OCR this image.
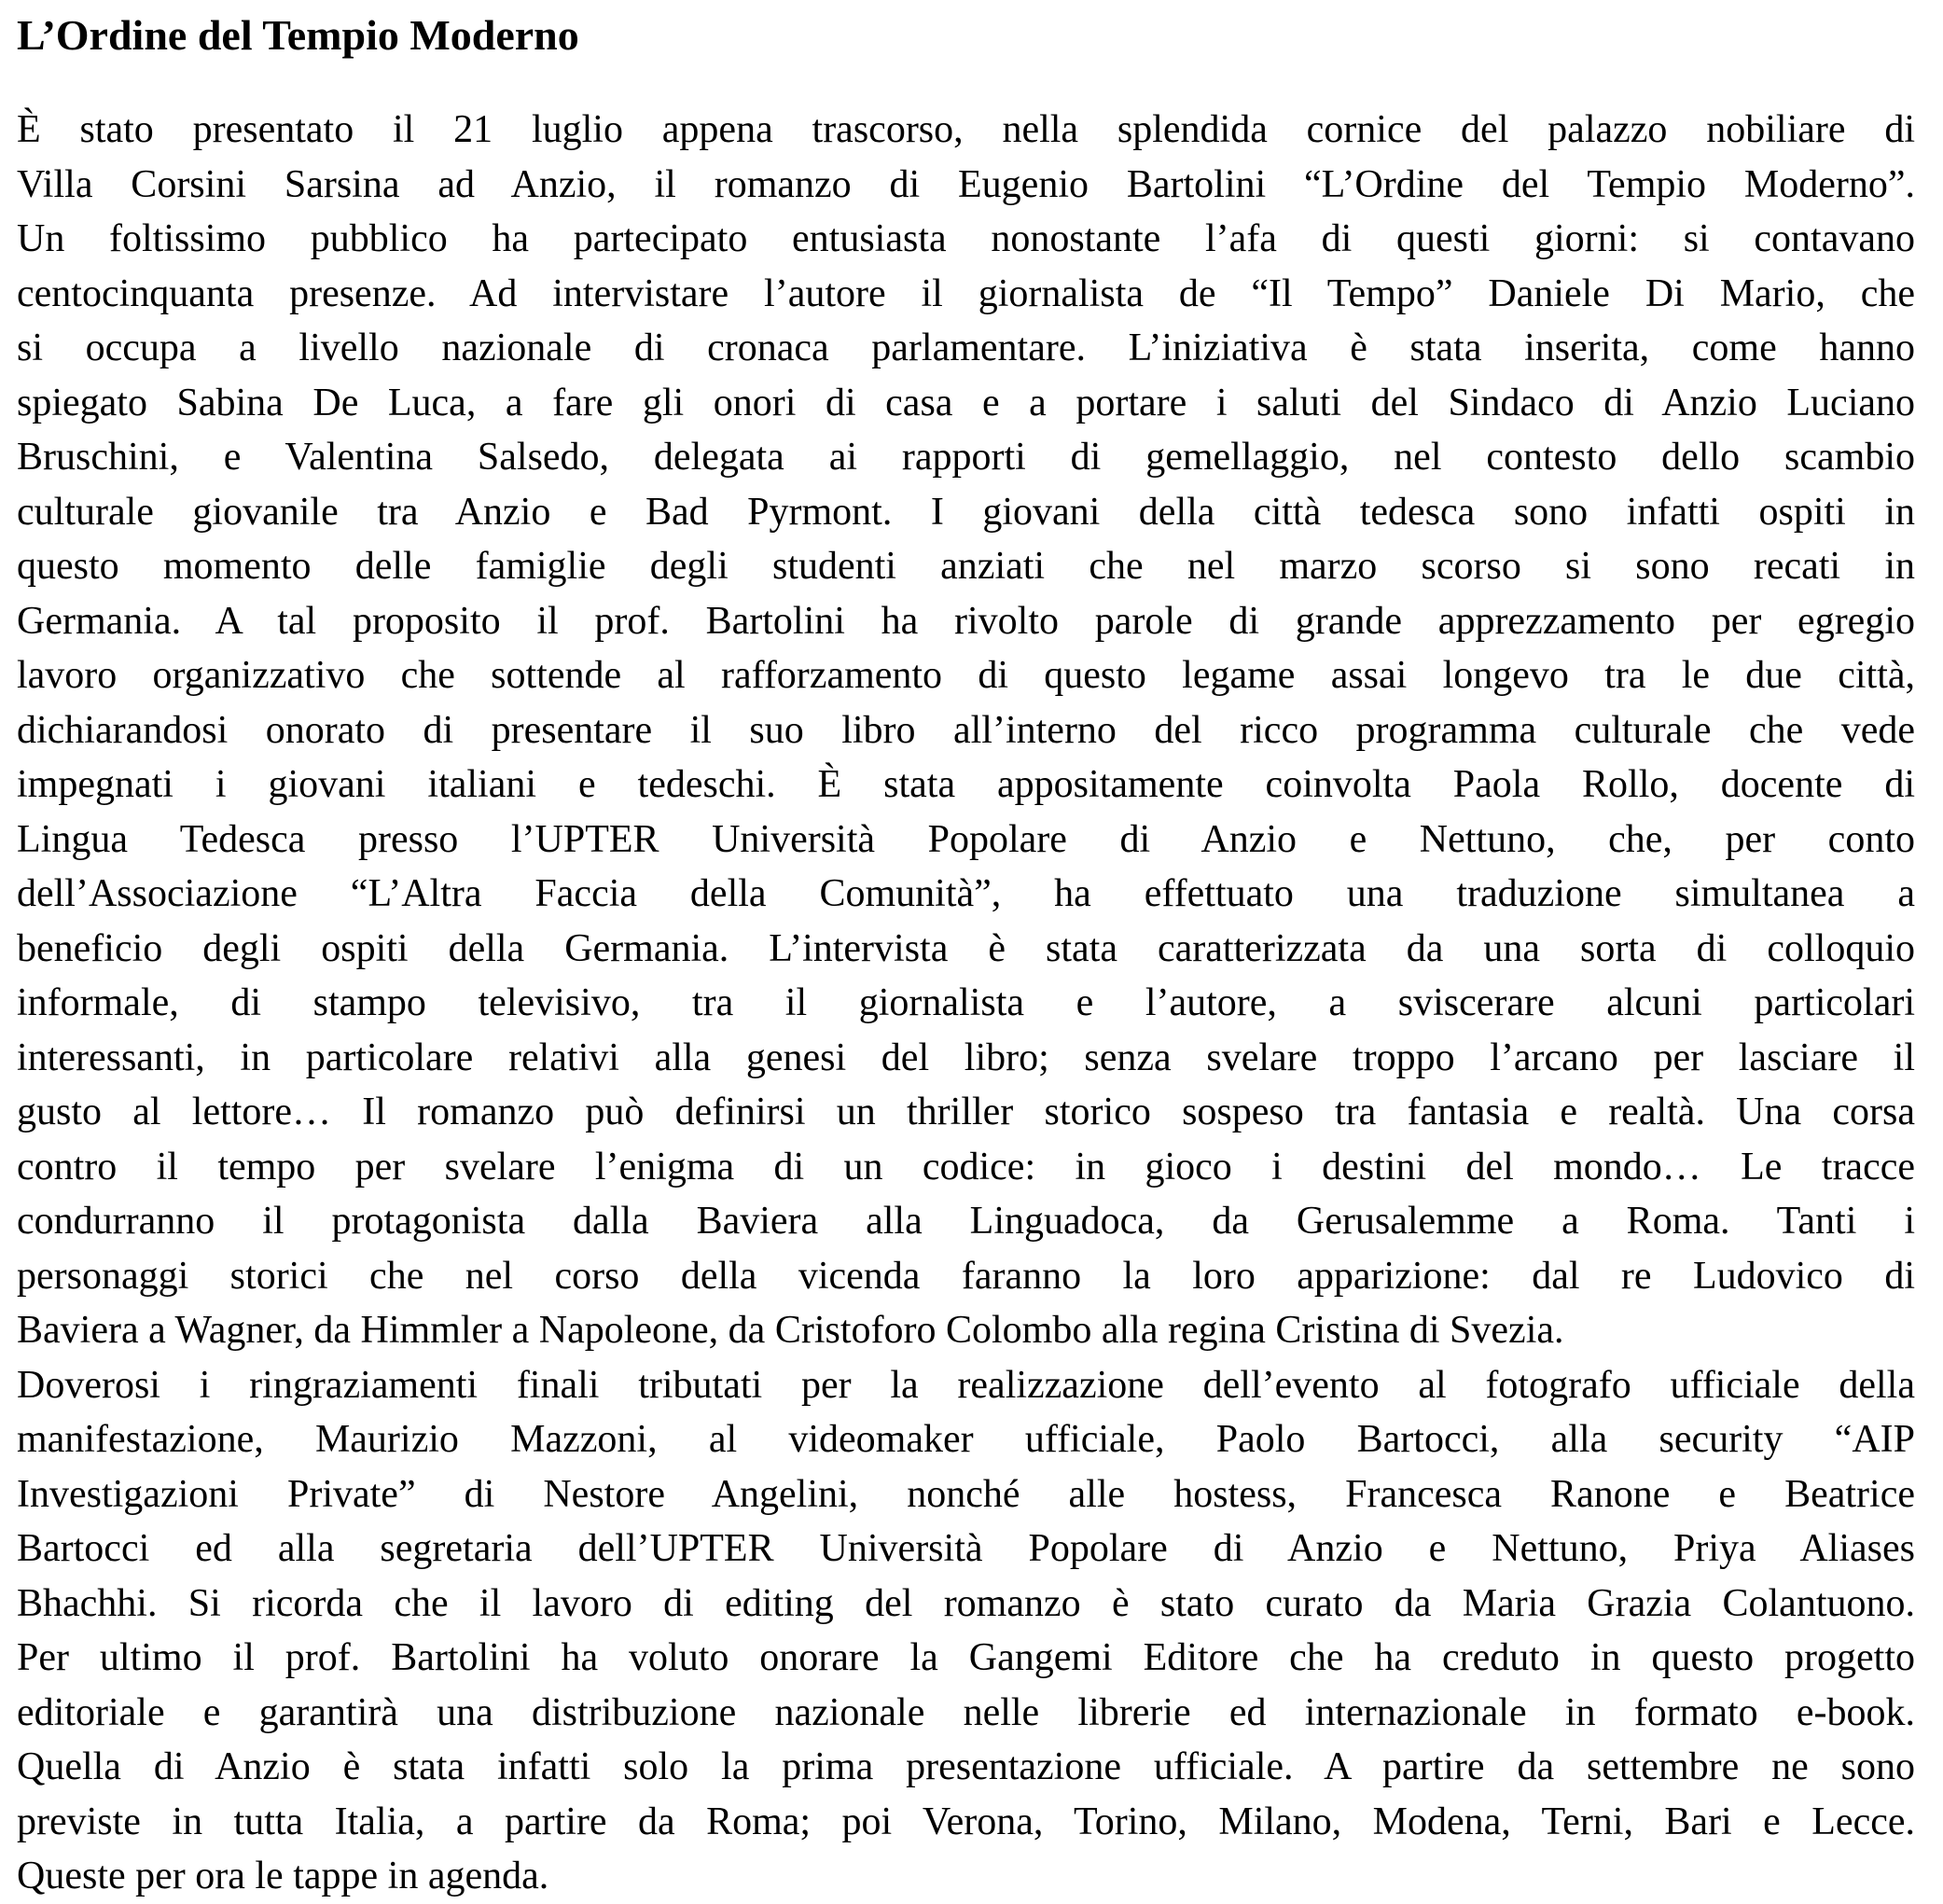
L’Ordine del Tempio Moderno
È stato presentato il 21 luglio appena trascorso, nella splendida cornice del palazzo nobiliare di
Villa Corsini Sarsina ad Anzio, il romanzo di Eugenio Bartolini “L’Ordine del Tempio Moderno”.
Un foltissimo pubblico ha partecipato entusiasta nonostante l’afa di questi giorni: si contavano
centocinquanta presenze. Ad intervistare l’autore il giornalista de “Il Tempo” Daniele Di Mario, che
si occupa a livello nazionale di cronaca parlamentare. L’iniziativa è stata inserita, come hanno
spiegato Sabina De Luca, a fare gli onori di casa e a portare i saluti del Sindaco di Anzio Luciano
Bruschini, e Valentina Salsedo, delegata ai rapporti di gemellaggio, nel contesto dello scambio
culturale giovanile tra Anzio e Bad Pyrmont. I giovani della città tedesca sono infatti ospiti in
questo momento delle famiglie degli studenti anziati che nel marzo scorso si sono recati in
Germania. A tal proposito il prof. Bartolini ha rivolto parole di grande apprezzamento per egregio
lavoro organizzativo che sottende al rafforzamento di questo legame assai longevo tra le due città,
dichiarandosi onorato di presentare il suo libro all’interno del ricco programma culturale che vede
impegnati i giovani italiani e tedeschi. È stata appositamente coinvolta Paola Rollo, docente di
Lingua Tedesca presso l’UPTER Università Popolare di Anzio e Nettuno, che, per conto
dell’Associazione “L’Altra Faccia della Comunità”, ha effettuato una traduzione simultanea a
beneficio degli ospiti della Germania. L’intervista è stata caratterizzata da una sorta di colloquio
informale, di stampo televisivo, tra il giornalista e l’autore, a sviscerare alcuni particolari
interessanti, in particolare relativi alla genesi del libro; senza svelare troppo l’arcano per lasciare il
gusto al lettore… Il romanzo può definirsi un thriller storico sospeso tra fantasia e realtà. Una corsa
contro il tempo per svelare l’enigma di un codice: in gioco i destini del mondo… Le tracce
condurranno il protagonista dalla Baviera alla Linguadoca, da Gerusalemme a Roma. Tanti i
personaggi storici che nel corso della vicenda faranno la loro apparizione: dal re Ludovico di
Baviera a Wagner, da Himmler a Napoleone, da Cristoforo Colombo alla regina Cristina di Svezia.
Doverosi i ringraziamenti finali tributati per la realizzazione dell’evento al fotografo ufficiale della
manifestazione, Maurizio Mazzoni, al videomaker ufficiale, Paolo Bartocci, alla security “AIP
Investigazioni Private” di Nestore Angelini, nonché alle hostess, Francesca Ranone e Beatrice
Bartocci ed alla segretaria dell’UPTER Università Popolare di Anzio e Nettuno, Priya Aliases
Bhachhi. Si ricorda che il lavoro di editing del romanzo è stato curato da Maria Grazia Colantuono.
Per ultimo il prof. Bartolini ha voluto onorare la Gangemi Editore che ha creduto in questo progetto
editoriale e garantirà una distribuzione nazionale nelle librerie ed internazionale in formato e-book.
Quella di Anzio è stata infatti solo la prima presentazione ufficiale. A partire da settembre ne sono
previste in tutta Italia, a partire da Roma; poi Verona, Torino, Milano, Modena, Terni, Bari e Lecce.
Queste per ora le tappe in agenda.
